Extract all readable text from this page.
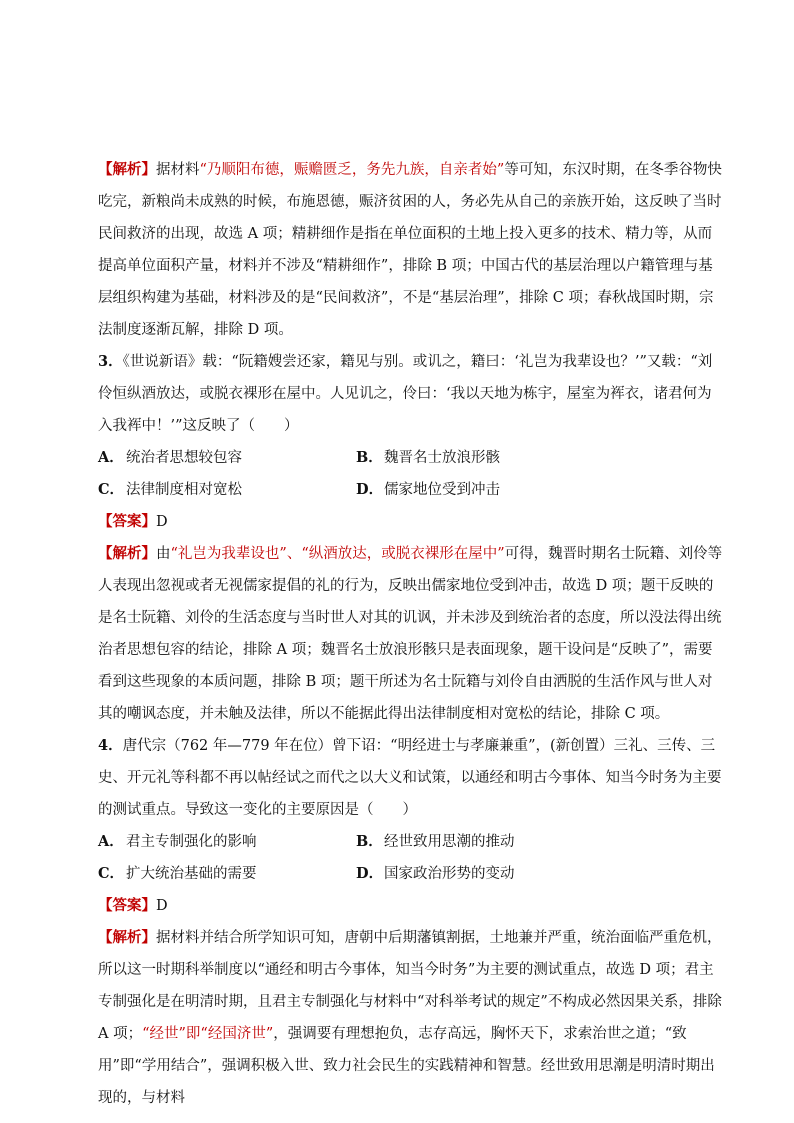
【解析】据材料“乃顺阳布德，赈赡匮乏，务先九族，自亲者始”等可知，东汉时期，在冬季谷物快吃完，新粮尚未成熟的时候，布施恩德，赈济贫困的人，务必先从自己的亲族开始，这反映了当时民间救济的出现，故选 A 项；精耕细作是指在单位面积的土地上投入更多的技术、精力等，从而提高单位面积产量，材料并不涉及“精耕细作”，排除 B 项；中国古代的基层治理以户籍管理与基层组织构建为基础，材料涉及的是“民间救济”，不是“基层治理”，排除 C 项；春秋战国时期，宗法制度逐渐瓦解，排除 D 项。

3．《世说新语》载：“阮籍嫂尝还家，籍见与别。或讥之，籍曰：‘礼岂为我辈设也？’”又载：“刘伶恒纵酒放达，或脱衣裸形在屋中。人见讥之，伶曰：‘我以天地为栋宇，屋室为裈衣，诸君何为入我裈中！’”这反映了（　　）

A． 统治者思想较包容	B． 魏晋名士放浪形骸

C． 法律制度相对宽松	D． 儒家地位受到冲击

【答案】D

【解析】由“礼岂为我辈设也”、“纵酒放达，或脱衣裸形在屋中”可得，魏晋时期名士阮籍、刘伶等人表现出忽视或者无视儒家提倡的礼的行为，反映出儒家地位受到冲击，故选 D 项；题干反映的是名士阮籍、刘伶的生活态度与当时世人对其的讥讽，并未涉及到统治者的态度，所以没法得出统治者思想包容的结论，排除 A 项；魏晋名士放浪形骸只是表面现象，题干设问是“反映了”，需要看到这些现象的本质问题，排除 B 项；题干所述为名士阮籍与刘伶自由洒脱的生活作风与世人对其的嘲讽态度，并未触及法律，所以不能据此得出法律制度相对宽松的结论，排除 C 项。

4．唐代宗（762 年—779 年在位）曾下诏：“明经进士与孝廉兼重”，(新创置）三礼、三传、三史、开元礼等科都不再以帖经试之而代之以大义和试策，以通经和明古今事体、知当今时务为主要的测试重点。导致这一变化的主要原因是（　　）

A． 君主专制强化的影响	B． 经世致用思潮的推动

C． 扩大统治基础的需要	D． 国家政治形势的变动

【答案】D

【解析】据材料并结合所学知识可知，唐朝中后期藩镇割据，土地兼并严重，统治面临严重危机，所以这一时期科举制度以“通经和明古今事体，知当今时务”为主要的测试重点，故选 D 项；君主专制强化是在明清时期，且君主专制强化与材料中“对科举考试的规定”不构成必然因果关系，排除 A 项；“经世”即“经国济世”，强调要有理想抱负，志存高远，胸怀天下，求索治世之道；“致用”即“学用结合”，强调积极入世、致力社会民生的实践精神和智慧。经世致用思潮是明清时期出现的，与材料
